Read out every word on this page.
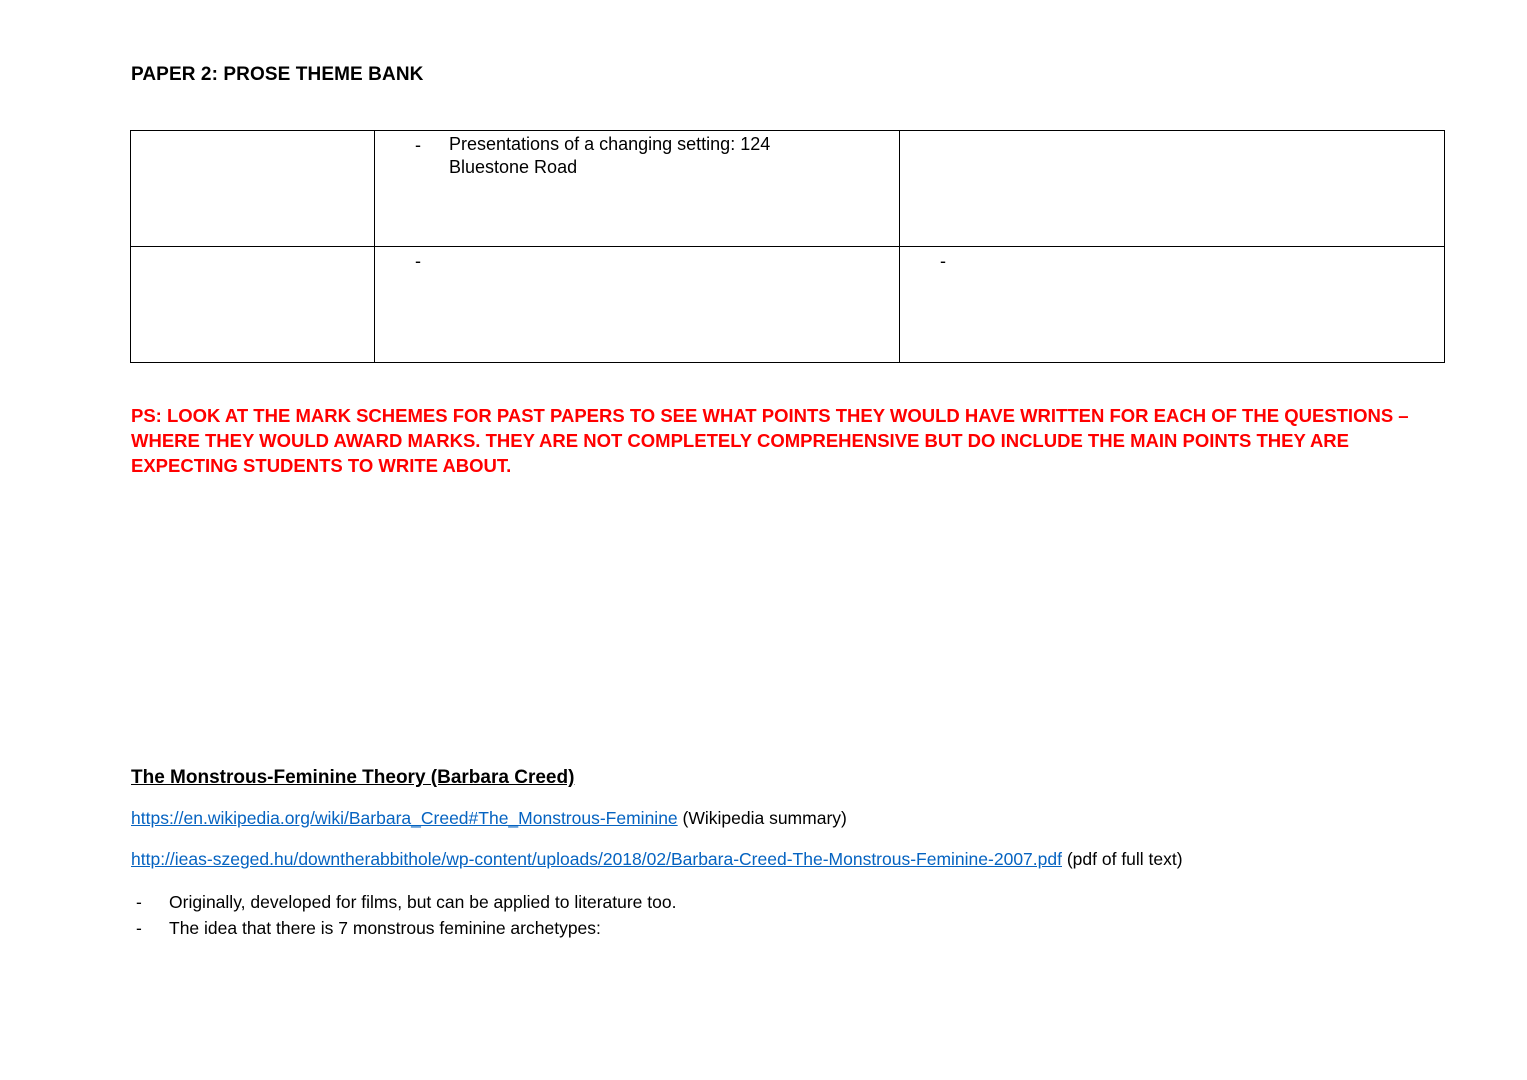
PAPER 2: PROSE THEME BANK

	- Presentations of a changing setting: 124 Bluestone Road	

	-	-

PS: LOOK AT THE MARK SCHEMES FOR PAST PAPERS TO SEE WHAT POINTS THEY WOULD HAVE WRITTEN FOR EACH OF THE QUESTIONS – WHERE THEY WOULD AWARD MARKS. THEY ARE NOT COMPLETELY COMPREHENSIVE BUT DO INCLUDE THE MAIN POINTS THEY ARE EXPECTING STUDENTS TO WRITE ABOUT.

The Monstrous-Feminine Theory (Barbara Creed)
https://en.wikipedia.org/wiki/Barbara_Creed#The_Monstrous-Feminine (Wikipedia summary)
http://ieas-szeged.hu/downtherabbithole/wp-content/uploads/2018/02/Barbara-Creed-The-Monstrous-Feminine-2007.pdf (pdf of full text)
- Originally, developed for films, but can be applied to literature too.
- The idea that there is 7 monstrous feminine archetypes:
